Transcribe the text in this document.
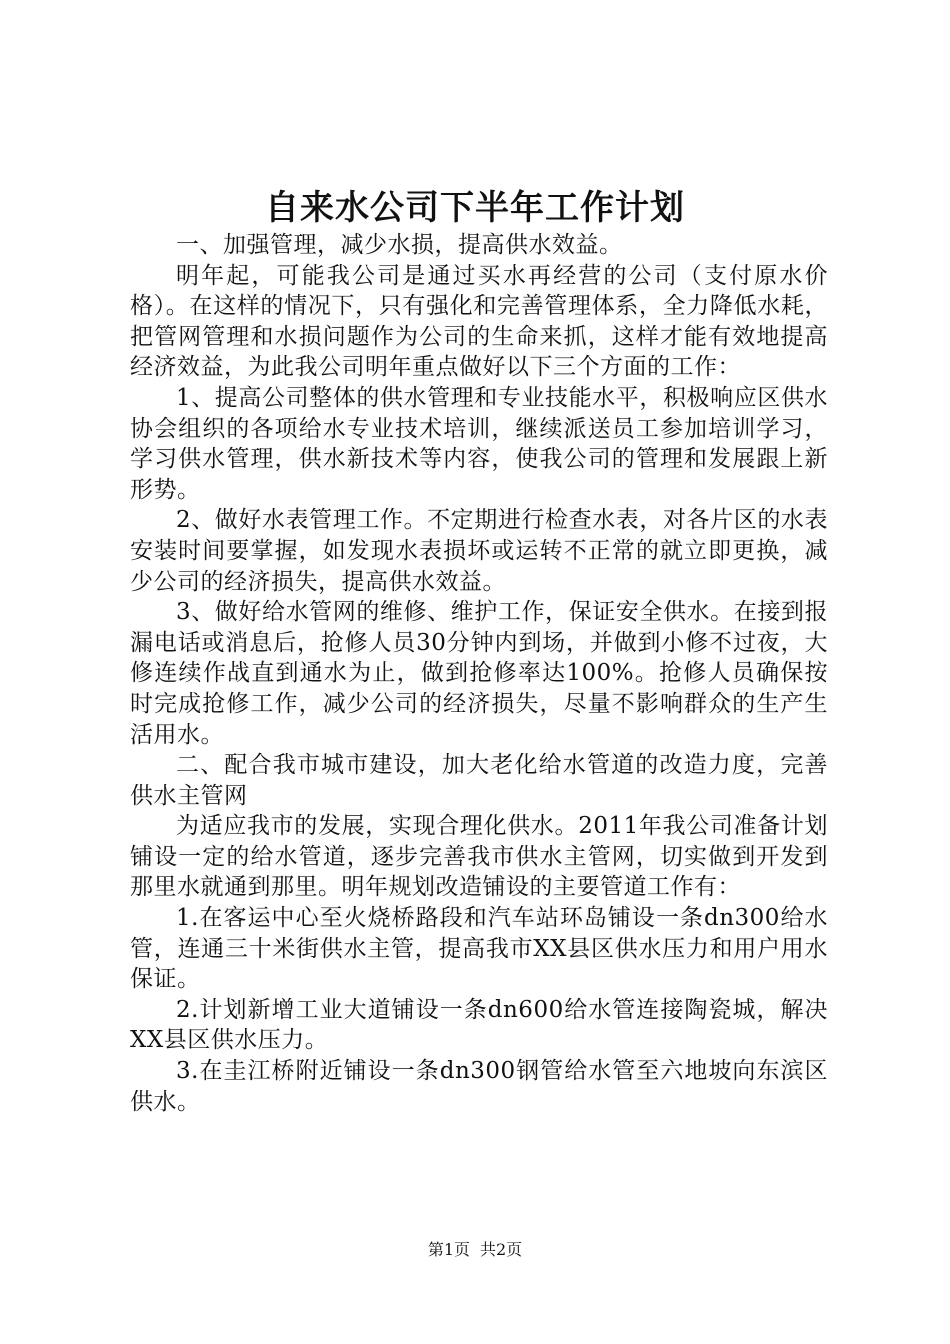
自来水公司下半年工作计划

一、加强管理，减少水损，提高供水效益。

明年起，可能我公司是通过买水再经营的公司（支付原水价格）。在这样的情况下，只有强化和完善管理体系，全力降低水耗，把管网管理和水损问题作为公司的生命来抓，这样才能有效地提高经济效益，为此我公司明年重点做好以下三个方面的工作：

1、提高公司整体的供水管理和专业技能水平，积极响应区供水协会组织的各项给水专业技术培训，继续派送员工参加培训学习，学习供水管理，供水新技术等内容，使我公司的管理和发展跟上新形势。

2、做好水表管理工作。不定期进行检查水表，对各片区的水表安装时间要掌握，如发现水表损坏或运转不正常的就立即更换，减少公司的经济损失，提高供水效益。

3、做好给水管网的维修、维护工作，保证安全供水。在接到报漏电话或消息后，抢修人员30分钟内到场，并做到小修不过夜，大修连续作战直到通水为止，做到抢修率达100%。抢修人员确保按时完成抢修工作，减少公司的经济损失，尽量不影响群众的生产生活用水。

二、配合我市城市建设，加大老化给水管道的改造力度，完善供水主管网

为适应我市的发展，实现合理化供水。2011年我公司准备计划铺设一定的给水管道，逐步完善我市供水主管网，切实做到开发到那里水就通到那里。明年规划改造铺设的主要管道工作有：

1.在客运中心至火烧桥路段和汽车站环岛铺设一条dn300给水管，连通三十米街供水主管，提高我市XX县区供水压力和用户用水保证。

2.计划新增工业大道铺设一条dn600给水管连接陶瓷城，解决XX县区供水压力。

3.在圭江桥附近铺设一条dn300钢管给水管至六地坡向东滨区供水。

第1页 共2页
